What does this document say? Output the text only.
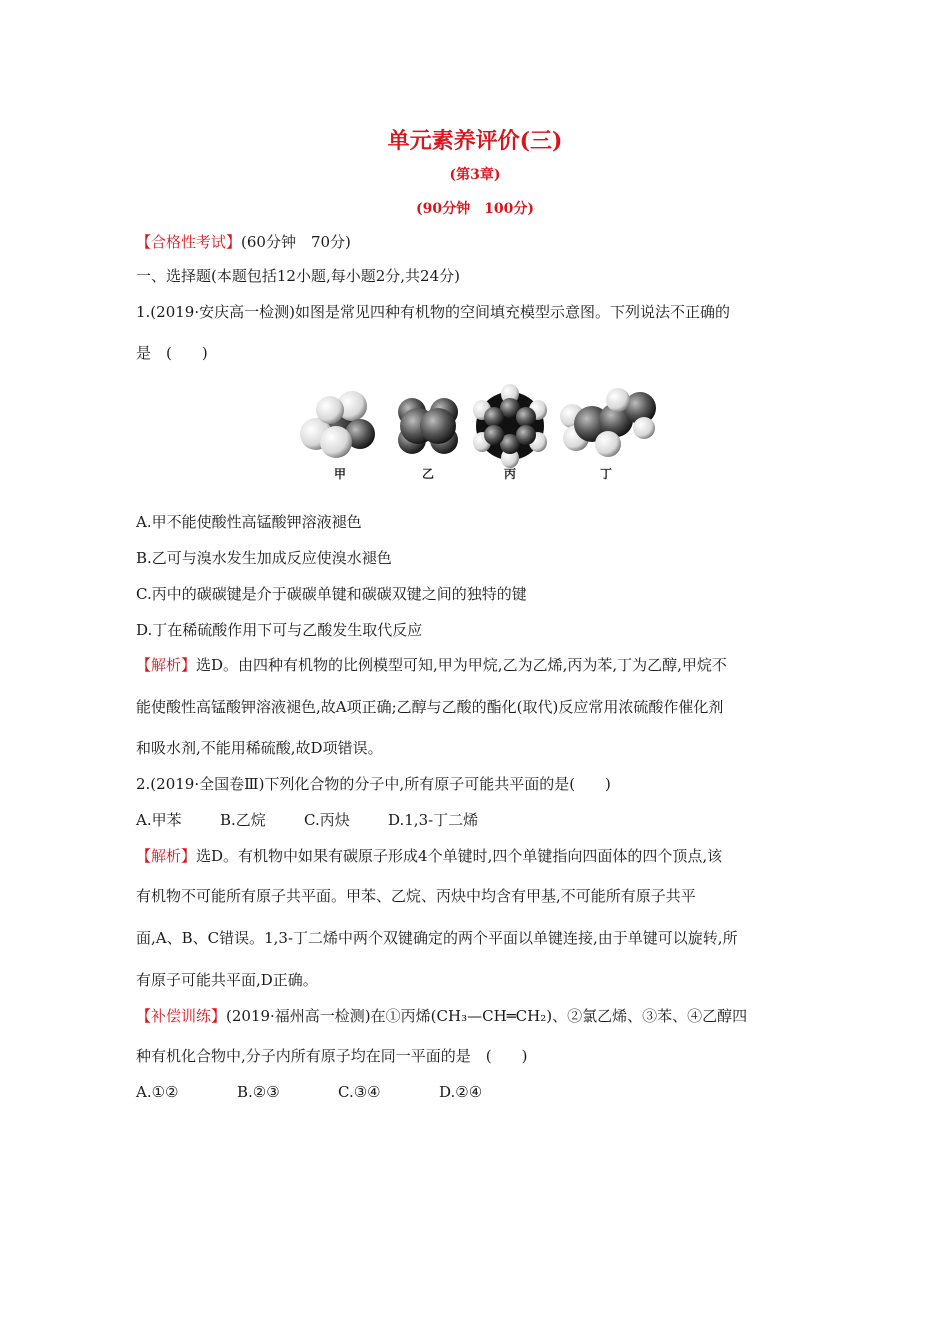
单元素养评价(三)
(第3章)
(90分钟　100分)
【合格性考试】(60分钟　70分)
一、选择题(本题包括12小题,每小题2分,共24分)
1.(2019·安庆高一检测)如图是常见四种有机物的空间填充模型示意图。下列说法不正确的
是　(　　)
甲	乙	丙	丁
A.甲不能使酸性高锰酸钾溶液褪色
B.乙可与溴水发生加成反应使溴水褪色
C.丙中的碳碳键是介于碳碳单键和碳碳双键之间的独特的键
D.丁在稀硫酸作用下可与乙酸发生取代反应
【解析】选D。由四种有机物的比例模型可知,甲为甲烷,乙为乙烯,丙为苯,丁为乙醇,甲烷不
能使酸性高锰酸钾溶液褪色,故A项正确;乙醇与乙酸的酯化(取代)反应常用浓硫酸作催化剂
和吸水剂,不能用稀硫酸,故D项错误。
2.(2019·全国卷Ⅲ)下列化合物的分子中,所有原子可能共平面的是(　　)
A.甲苯	B.乙烷	C.丙炔	D.1,3-丁二烯
【解析】选D。有机物中如果有碳原子形成4个单键时,四个单键指向四面体的四个顶点,该
有机物不可能所有原子共平面。甲苯、乙烷、丙炔中均含有甲基,不可能所有原子共平
面,A、B、C错误。1,3-丁二烯中两个双键确定的两个平面以单键连接,由于单键可以旋转,所
有原子可能共平面,D正确。
【补偿训练】(2019·福州高一检测)在①丙烯(CH₃—CH═CH₂)、②氯乙烯、③苯、④乙醇四
种有机化合物中,分子内所有原子均在同一平面的是　(　　)
A.①②	B.②③	C.③④	D.②④
